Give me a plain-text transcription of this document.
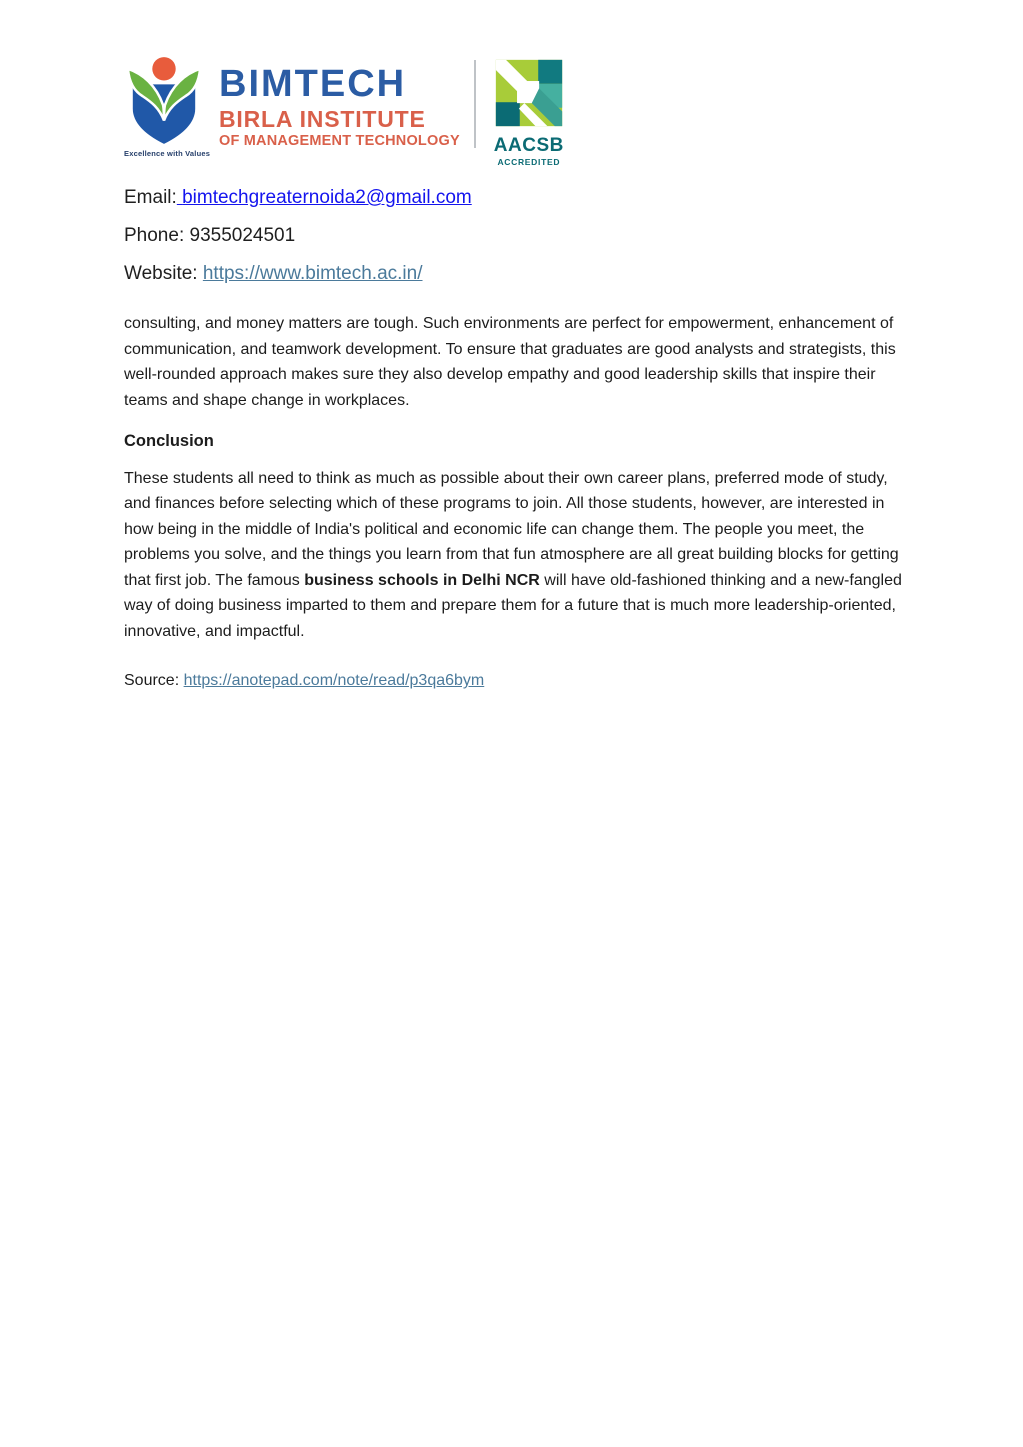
Excellence with Values
BIMTECH
BIRLA INSTITUTE
OF MANAGEMENT TECHNOLOGY AACSB
ACCREDITED

Email: bimtechgreaternoida2@gmail.com

Phone: 9355024501

Website: https://www.bimtech.ac.in/

consulting, and money matters are tough. Such environments are perfect for empowerment, enhancement of communication, and teamwork development. To ensure that graduates are good analysts and strategists, this well-rounded approach makes sure they also develop empathy and good leadership skills that inspire their teams and shape change in workplaces.

Conclusion

These students all need to think as much as possible about their own career plans, preferred mode of study, and finances before selecting which of these programs to join. All those students, however, are interested in how being in the middle of India's political and economic life can change them. The people you meet, the problems you solve, and the things you learn from that fun atmosphere are all great building blocks for getting that first job. The famous business schools in Delhi NCR will have old-fashioned thinking and a new-fangled way of doing business imparted to them and prepare them for a future that is much more leadership-oriented, innovative, and impactful.

Source: https://anotepad.com/note/read/p3qa6bym
